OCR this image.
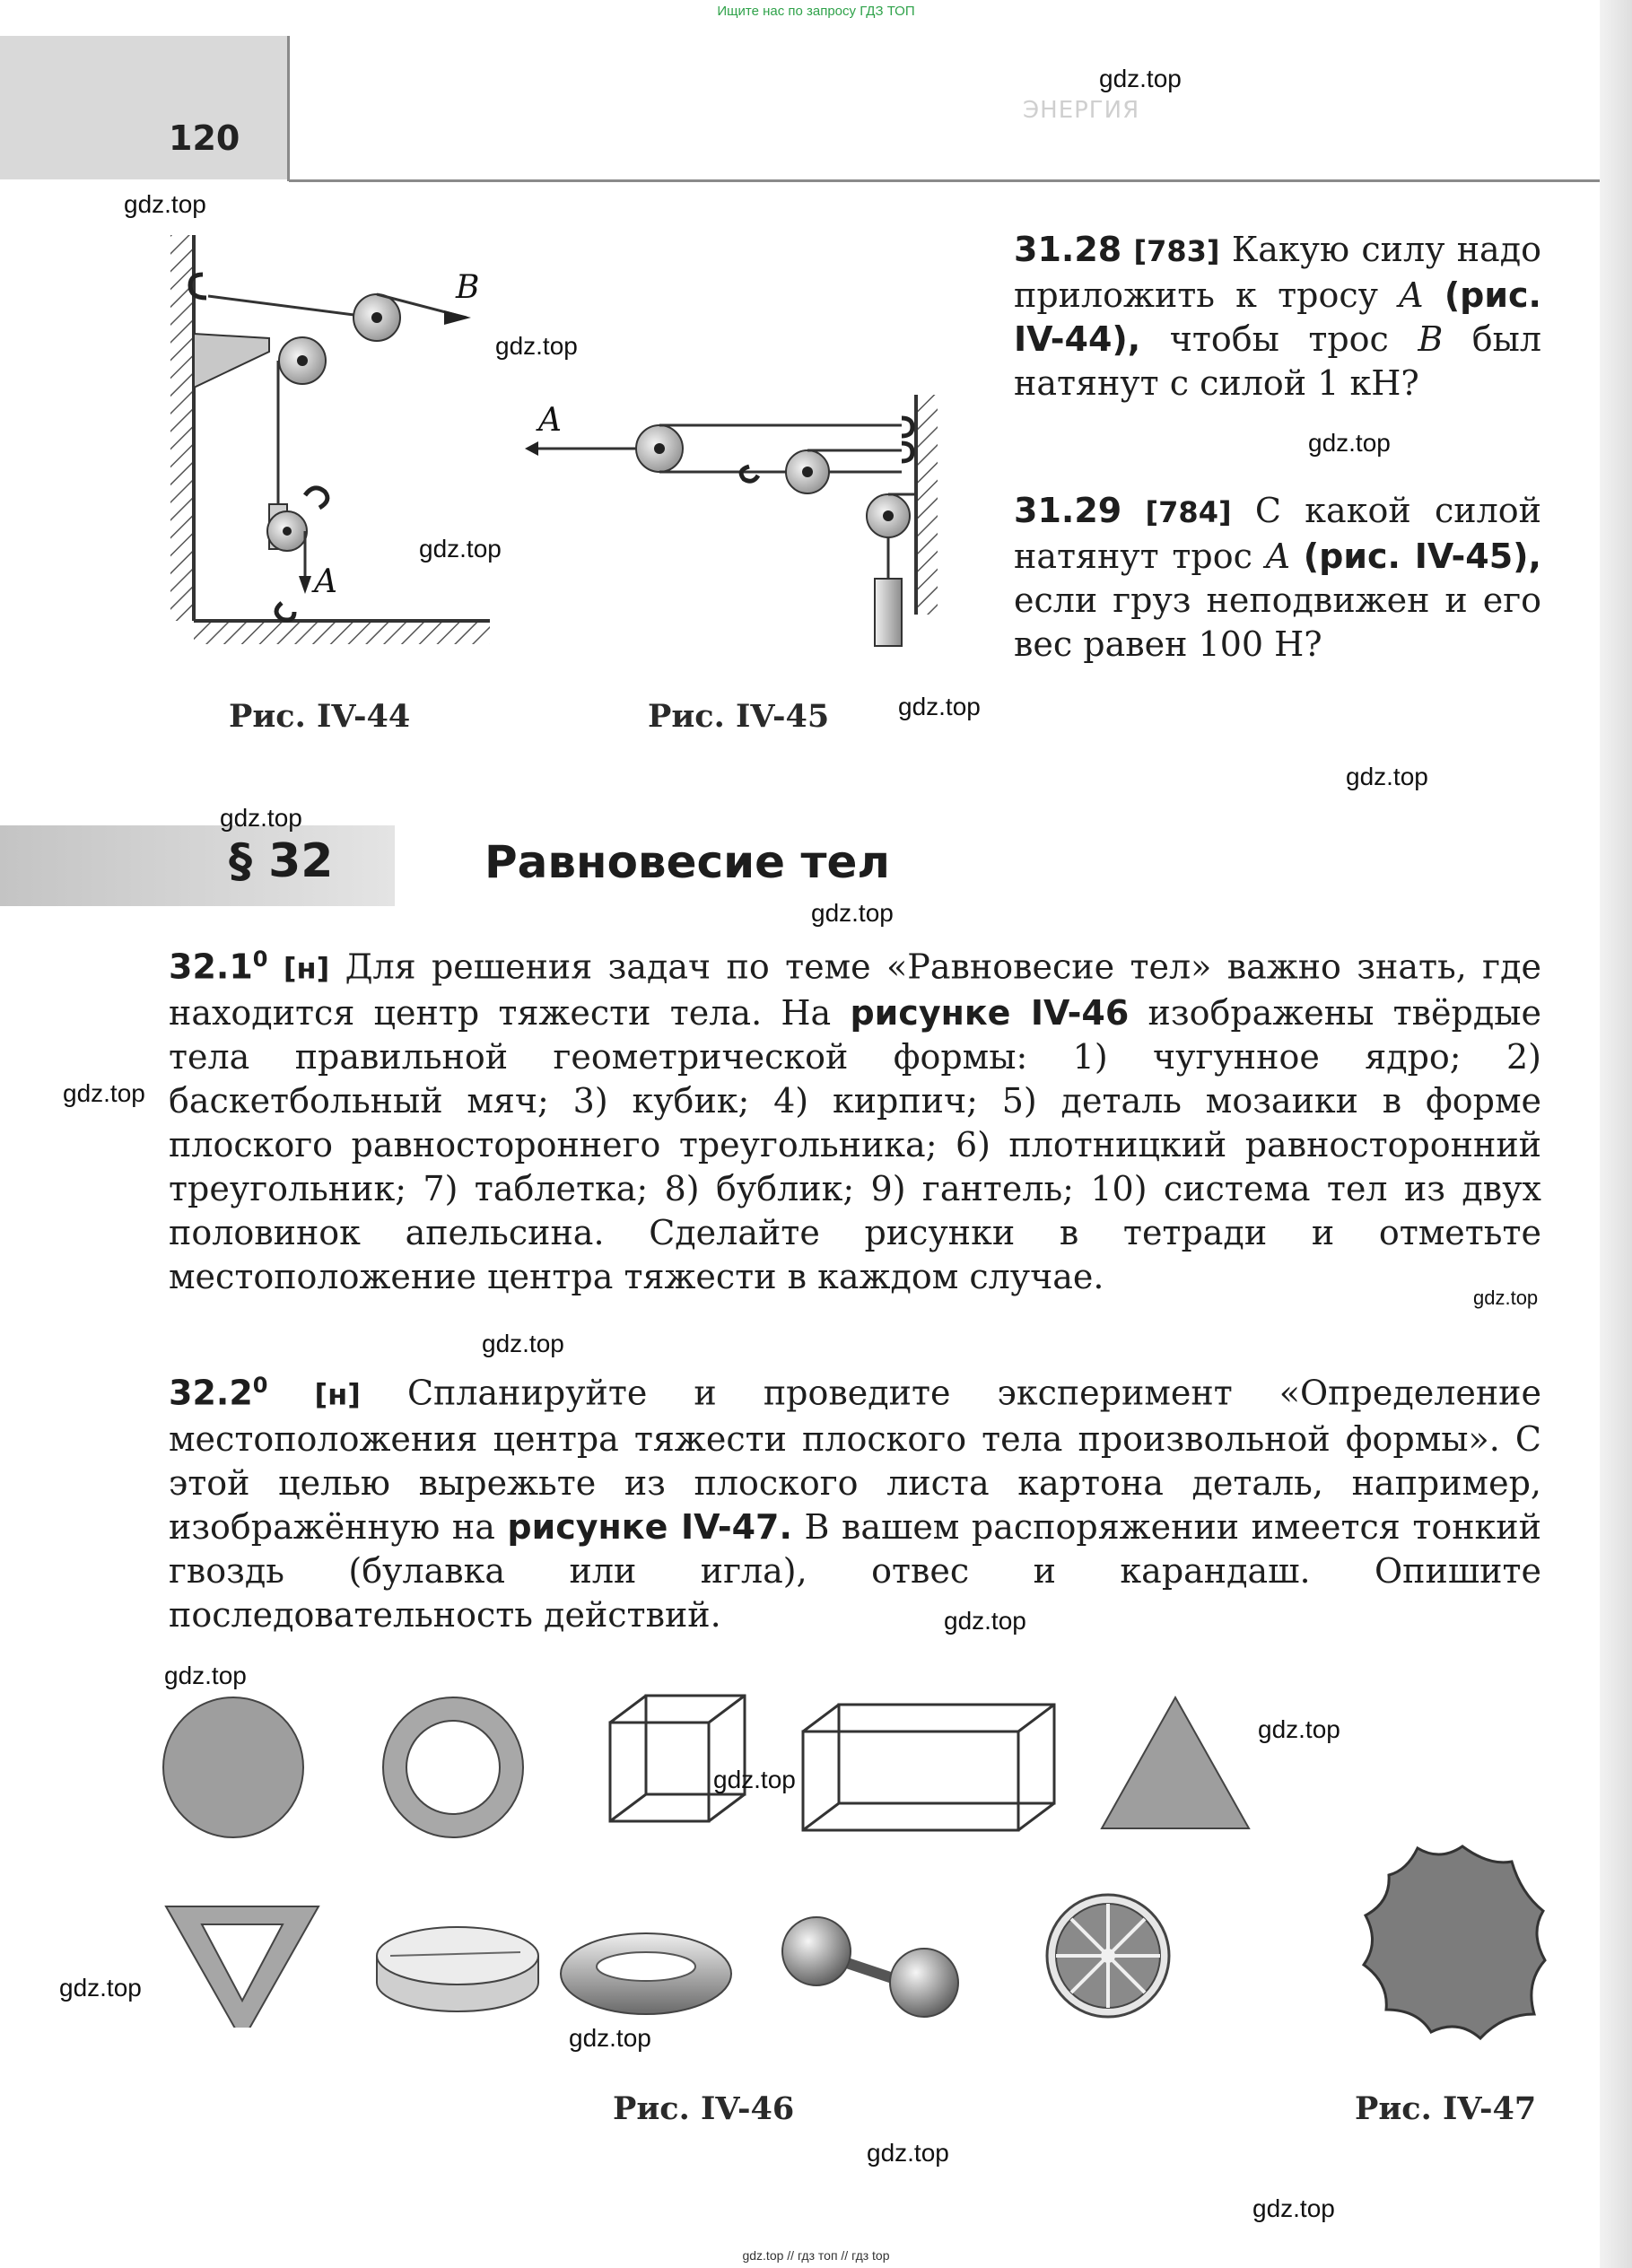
Ищите нас по запросу ГДЗ ТОП
120
ЭНЕРГИЯ
B
A
Рис. IV-44
A
Рис. IV-45
31.28 [783] Какую силу надо приложить к тросу A (рис. IV-44), чтобы трос B был натянут с силой 1 кН?
31.29 [784] С какой силой натянут трос A (рис. IV-45), если груз неподвижен и его вес равен 100 Н?
§ 32	Равновесие тел
32.1$^0$ [н] Для решения задач по теме «Равновесие тел» важно знать, где находится центр тяжести тела. На рисунке IV-46 изображены твёрдые тела правильной геометрической формы: 1) чугунное ядро; 2) баскетбольный мяч; 3) кубик; 4) кирпич; 5) деталь мозаики в форме плоского равностороннего треугольника; 6) плотницкий равносторонний треугольник; 7) таблетка; 8) бублик; 9) гантель; 10) система тел из двух половинок апельсина. Сделайте рисунки в тетради и отметьте местоположение центра тяжести в каждом случае.
32.2$^0$ [н] Спланируйте и проведите эксперимент «Определение местоположения центра тяжести плоского тела произвольной формы». С этой целью вырежьте из плоского листа картона деталь, например, изображённую на рисунке IV-47. В вашем распоряжении имеется тонкий гвоздь (булавка или игла), отвес и карандаш. Опишите последовательность действий.
Рис. IV-46	Рис. IV-47
gdz.top
gdz.top
gdz.top
gdz.top
gdz.top
gdz.top
gdz.top
gdz.top
gdz.top
gdz.top
gdz.top
gdz.top
gdz.top
gdz.top
gdz.top
gdz.top
gdz.top
gdz.top
gdz.top
gdz.top
gdz.top // гдз топ // гдз top
